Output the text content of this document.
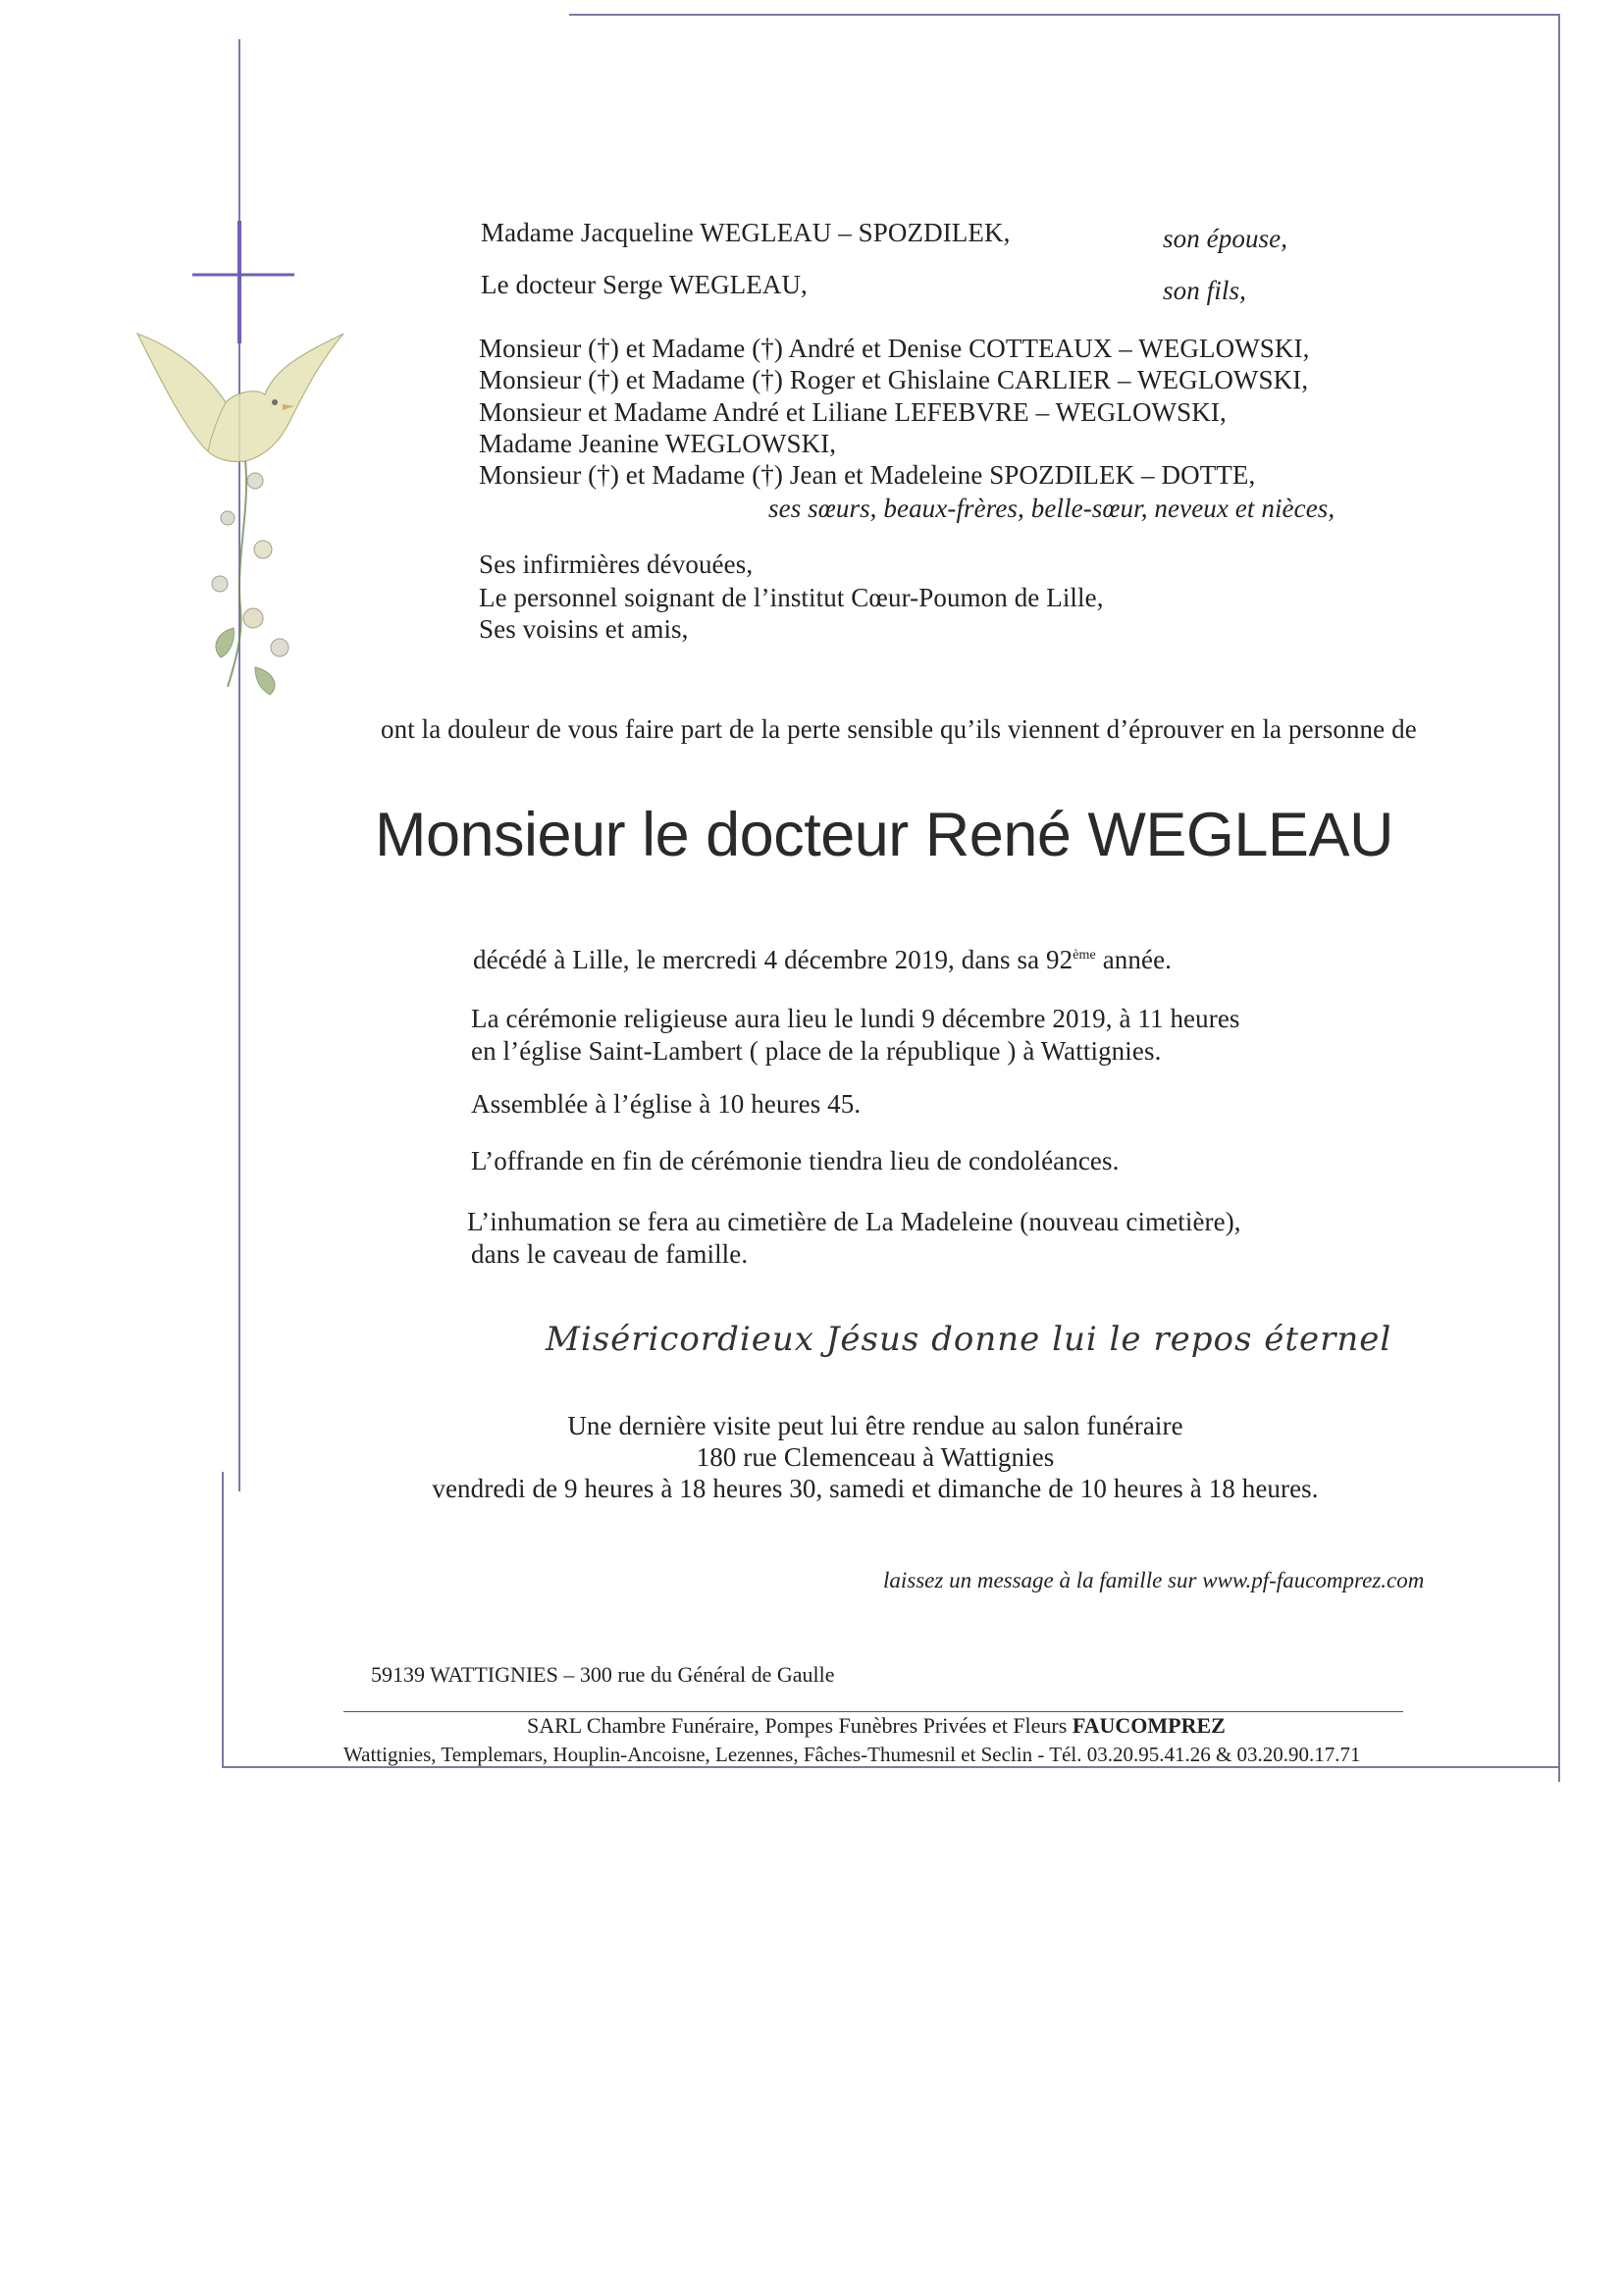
Madame Jacqueline WEGLEAU – SPOZDILEK,	son épouse,
Le docteur Serge WEGLEAU,	son fils,
Monsieur (†) et Madame (†) André et Denise COTTEAUX – WEGLOWSKI,
Monsieur (†) et Madame (†) Roger et Ghislaine CARLIER – WEGLOWSKI,
Monsieur et Madame André et Liliane LEFEBVRE – WEGLOWSKI,
Madame Jeanine WEGLOWSKI,
Monsieur (†) et Madame (†) Jean et Madeleine SPOZDILEK – DOTTE,
ses sœurs, beaux-frères, belle-sœur, neveux et nièces,
Ses infirmières dévouées,
Le personnel soignant de l’institut Cœur-Poumon de Lille,
Ses voisins et amis,
ont la douleur de vous faire part de la perte sensible qu’ils viennent d’éprouver en la personne de
Monsieur le docteur René WEGLEAU
décédé à Lille, le mercredi 4 décembre 2019, dans sa 92ème année.
La cérémonie religieuse aura lieu le lundi 9 décembre 2019, à 11 heures
en l’église Saint-Lambert ( place de la république ) à Wattignies.
Assemblée à l’église à 10 heures 45.
L’offrande en fin de cérémonie tiendra lieu de condoléances.
L’inhumation se fera au cimetière de La Madeleine (nouveau cimetière),
dans le caveau de famille.
Miséricordieux Jésus donne lui le repos éternel
Une dernière visite peut lui être rendue au salon funéraire
180 rue Clemenceau à Wattignies
vendredi de 9 heures à 18 heures 30, samedi et dimanche de 10 heures à 18 heures.
laissez un message à la famille sur www.pf-faucomprez.com
59139 WATTIGNIES – 300 rue du Général de Gaulle
SARL Chambre Funéraire, Pompes Funèbres Privées et Fleurs FAUCOMPREZ
Wattignies, Templemars, Houplin-Ancoisne, Lezennes, Fâches-Thumesnil et Seclin - Tél. 03.20.95.41.26 & 03.20.90.17.71
